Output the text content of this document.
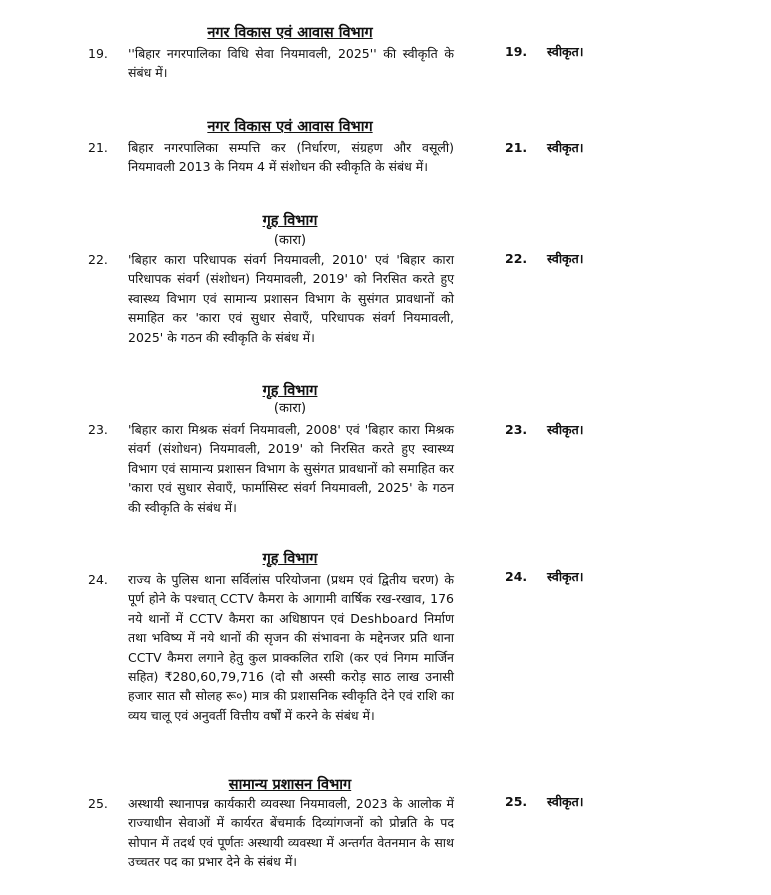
नगर विकास एवं आवास विभाग
19.	''बिहार नगरपालिका विधि सेवा नियमावली, 2025'' की स्वीकृति के संबंध में।
19.	स्वीकृत।
नगर विकास एवं आवास विभाग
21.	बिहार नगरपालिका सम्पत्ति कर (निर्धारण, संग्रहण और वसूली) नियमावली 2013 के नियम 4 में संशोधन की स्वीकृति के संबंध में।
21.	स्वीकृत।
गृह विभाग
(कारा)
22.	'बिहार कारा परिधापक संवर्ग नियमावली, 2010' एवं 'बिहार कारा परिधापक संवर्ग (संशोधन) नियमावली, 2019' को निरसित करते हुए स्वास्थ्य विभाग एवं सामान्य प्रशासन विभाग के सुसंगत प्रावधानों को समाहित कर 'कारा एवं सुधार सेवाएँ, परिधापक संवर्ग नियमावली, 2025' के गठन की स्वीकृति के संबंध में।
22.	स्वीकृत।
गृह विभाग
(कारा)
23.	'बिहार कारा मिश्रक संवर्ग नियमावली, 2008' एवं 'बिहार कारा मिश्रक संवर्ग (संशोधन) नियमावली, 2019' को निरसित करते हुए स्वास्थ्य विभाग एवं सामान्य प्रशासन विभाग के सुसंगत प्रावधानों को समाहित कर 'कारा एवं सुधार सेवाएँ, फार्मासिस्ट संवर्ग नियमावली, 2025' के गठन की स्वीकृति के संबंध में।
23.	स्वीकृत।
गृह विभाग
24.	राज्य के पुलिस थाना सर्विलांस परियोजना (प्रथम एवं द्वितीय चरण) के पूर्ण होने के पश्चात् CCTV कैमरा के आगामी वार्षिक रख-रखाव, 176 नये थानों में CCTV कैमरा का अधिष्ठापन एवं Deshboard निर्माण तथा भविष्य में नये थानों की सृजन की संभावना के मद्देनजर प्रति थाना CCTV कैमरा लगाने हेतु कुल प्राक्कलित राशि (कर एवं निगम मार्जिन सहित) ₹280,60,79,716 (दो सौ अस्सी करोड़ साठ लाख उनासी हजार सात सौ सोलह रू०) मात्र की प्रशासनिक स्वीकृति देने एवं राशि का व्यय चालू एवं अनुवर्ती वित्तीय वर्षों में करने के संबंध में।
24.	स्वीकृत।
सामान्य प्रशासन विभाग
25.	अस्थायी स्थानापन्न कार्यकारी व्यवस्था नियमावली, 2023 के आलोक में राज्याधीन सेवाओं में कार्यरत बेंचमार्क दिव्यांगजनों को प्रोन्नति के पद सोपान में तदर्थ एवं पूर्णतः अस्थायी व्यवस्था में अन्तर्गत वेतनमान के साथ उच्चतर पद का प्रभार देने के संबंध में।
25.	स्वीकृत।
